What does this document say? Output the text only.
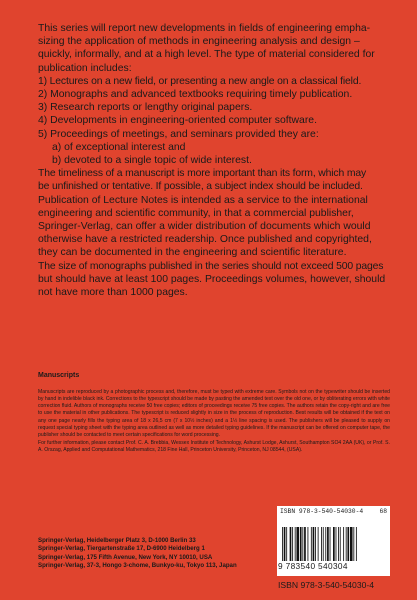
This series will report new developments in fields of engineering empha-

sizing the application of methods in engineering analysis and design –

quickly, informally, and at a high level. The type of material considered for

publication includes:

1) Lectures on a new field, or presenting a new angle on a classical field.

2) Monographs and advanced textbooks requiring timely publication.

3) Research reports or lengthy original papers.

4) Developments in engineering-oriented computer software.

5) Proceedings of meetings, and seminars provided they are:

a) of exceptional interest and

b) devoted to a single topic of wide interest.

The timeliness of a manuscript is more important than its form, which may

be unfinished or tentative. If possible, a subject index should be included.

Publication of Lecture Notes is intended as a service to the international

engineering and scientific community, in that a commercial publisher,

Springer-Verlag, can offer a wider distribution of documents which would

otherwise have a restricted readership. Once published and copyrighted,

they can be documented in the engineering and scientific literature.

The size of monographs published in the series should not exceed 500 pages

but should have at least 100 pages. Proceedings volumes, however, should

not have more than 1000 pages.

Manuscripts

Manuscripts are reproduced by a photographic process and, therefore, must be typed with extreme care. Symbols not on the typewriter should be inserted by hand in indelible black ink. Corrections to the typescript should be made by pasting the amended text over the old one, or by obliterating errors with white correction fluid. Authors of monographs receive 50 free copies; editors of proceedings receive 75 free copies. The authors retain the copy-right and are free to use the material in other publications. The typescript is reduced slightly in size in the process of reproduction. Best results will be obtained if the text on any one page nearly fills the typing area of 18 x 26,5 cm (7 x 10½ inches) and a 1½ line spacing is used. The publishers will be pleased to supply on request special typing sheet with the typing area outlined as well as more detailed typing guidelines. If the manuscript can be offered on computer tape, the publisher should be contacted to meet certain specifications for word processing.

For further information, please contact Prof. C. A. Brebbia, Wessex Institute of Technology, Ashurst Lodge, Ashurst, Southampton SO4 2AA (UK), or Prof. S. A. Orszag, Applied and Computational Mathematics, 218 Fine Hall, Princeton University, Princeton, NJ 08544, (USA).

Springer-Verlag, Heidelberger Platz 3, D-1000 Berlin 33
Springer-Verlag, Tiergartenstraße 17, D-6900 Heidelberg 1
Springer-Verlag, 175 Fifth Avenue, New York, NY 10010, USA
Springer-Verlag, 37-3, Hongo 3-chome, Bunkyo-ku, Tokyo 113, Japan
ISBN 978-3-540-54030-4	68
9 783540 540304
ISBN 978-3-540-54030-4
